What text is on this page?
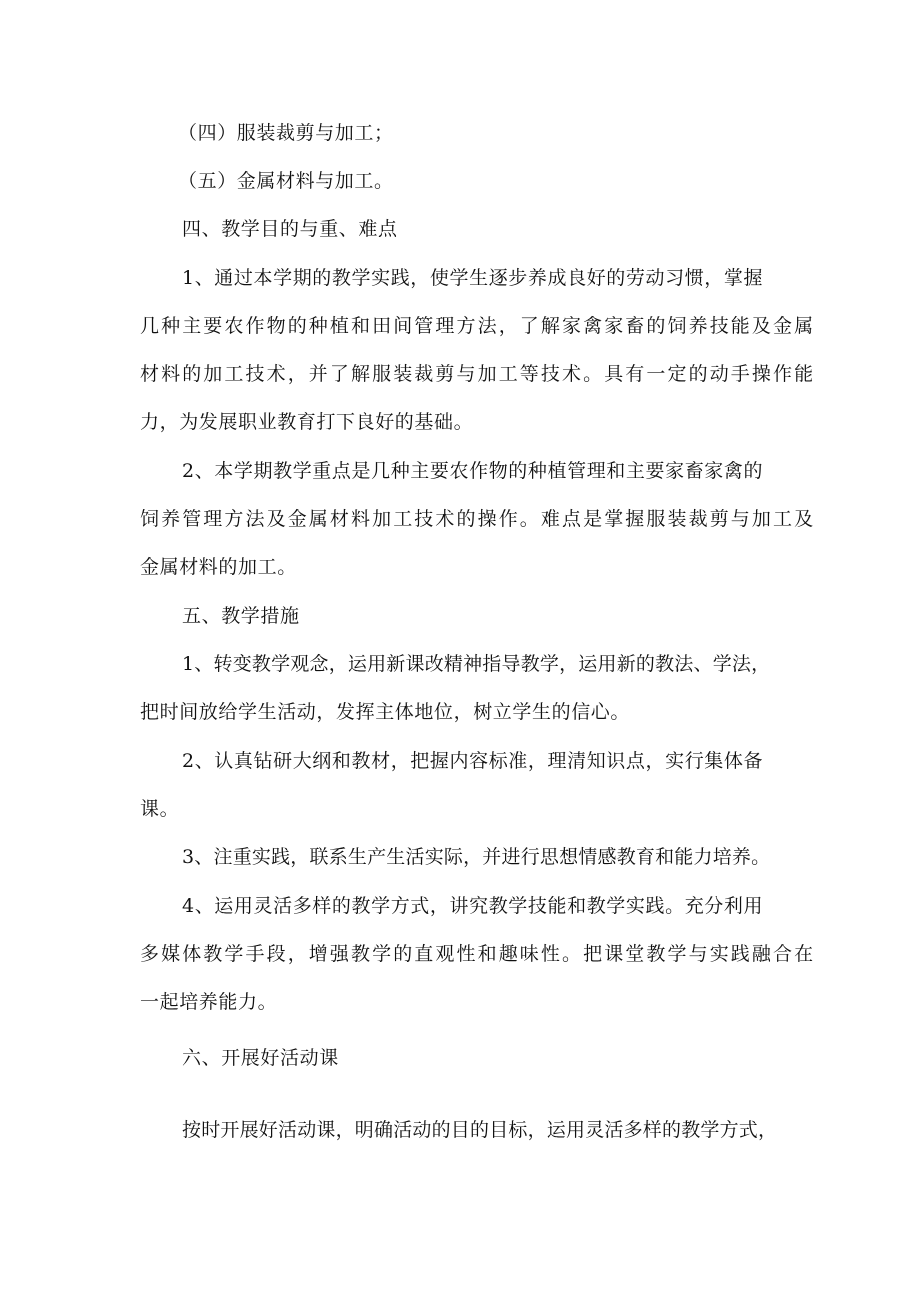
（四）服装裁剪与加工；
（五）金属材料与加工。
四、教学目的与重、难点
1、通过本学期的教学实践，使学生逐步养成良好的劳动习惯，掌握
几种主要农作物的种植和田间管理方法，了解家禽家畜的饲养技能及金属
材料的加工技术，并了解服装裁剪与加工等技术。具有一定的动手操作能
力，为发展职业教育打下良好的基础。
2、本学期教学重点是几种主要农作物的种植管理和主要家畜家禽的
饲养管理方法及金属材料加工技术的操作。难点是掌握服装裁剪与加工及
金属材料的加工。
五、教学措施
1、转变教学观念，运用新课改精神指导教学，运用新的教法、学法，
把时间放给学生活动，发挥主体地位，树立学生的信心。
2、认真钻研大纲和教材，把握内容标准，理清知识点，实行集体备
课。
3、注重实践，联系生产生活实际，并进行思想情感教育和能力培养。
4、运用灵活多样的教学方式，讲究教学技能和教学实践。充分利用
多媒体教学手段，增强教学的直观性和趣味性。把课堂教学与实践融合在
一起培养能力。
六、开展好活动课
按时开展好活动课，明确活动的目的目标，运用灵活多样的教学方式，
